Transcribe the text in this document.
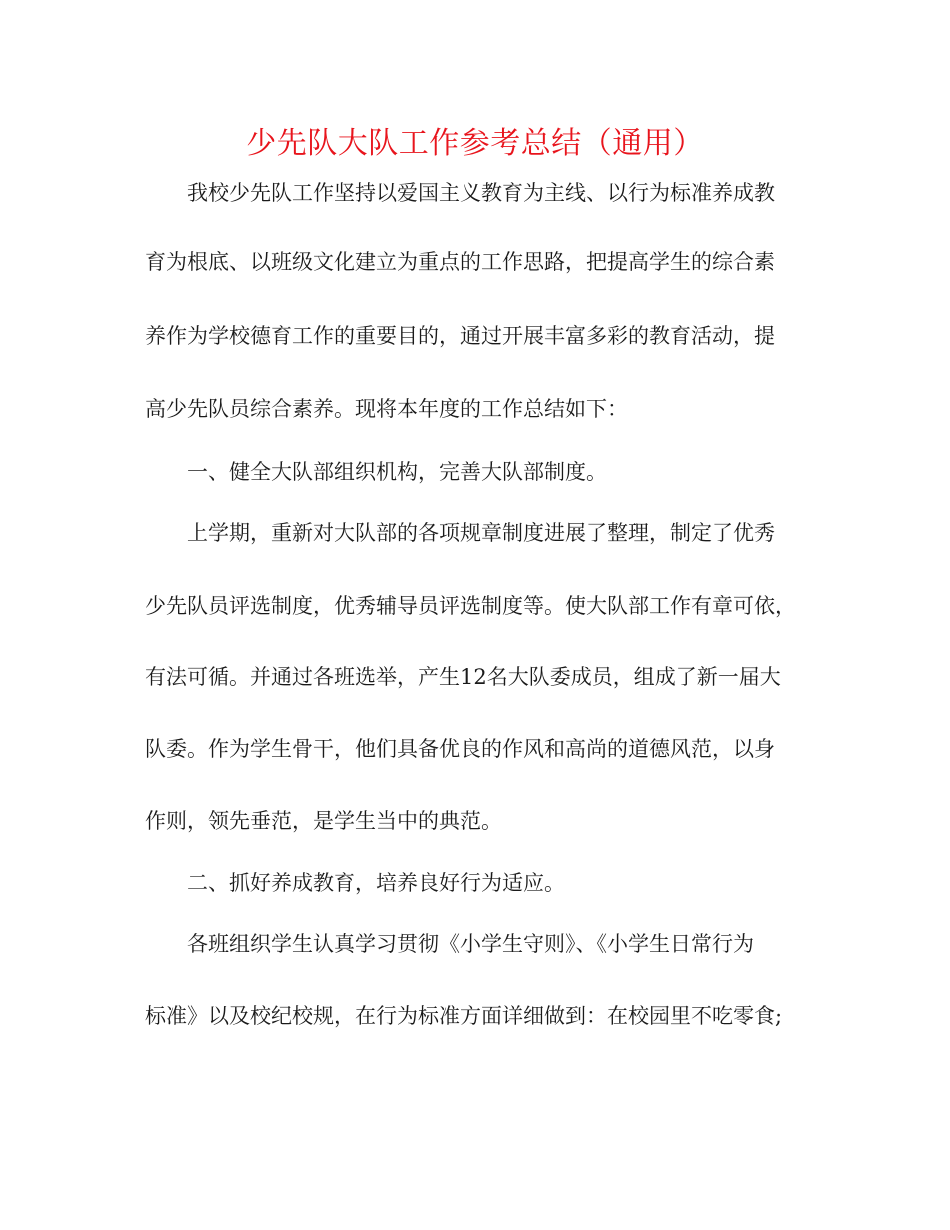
少先队大队工作参考总结（通用）

我校少先队工作坚持以爱国主义教育为主线、以行为标准养成教

育为根底、以班级文化建立为重点的工作思路，把提高学生的综合素

养作为学校德育工作的重要目的，通过开展丰富多彩的教育活动，提

高少先队员综合素养。现将本年度的工作总结如下：

一、健全大队部组织机构，完善大队部制度。

上学期，重新对大队部的各项规章制度进展了整理，制定了优秀

少先队员评选制度，优秀辅导员评选制度等。使大队部工作有章可依，

有法可循。并通过各班选举，产生12名大队委成员，组成了新一届大

队委。作为学生骨干，他们具备优良的作风和高尚的道德风范，以身

作则，领先垂范，是学生当中的典范。

二、抓好养成教育，培养良好行为适应。

各班组织学生认真学习贯彻《小学生守则》、《小学生日常行为

标准》以及校纪校规，在行为标准方面详细做到：在校园里不吃零食;
